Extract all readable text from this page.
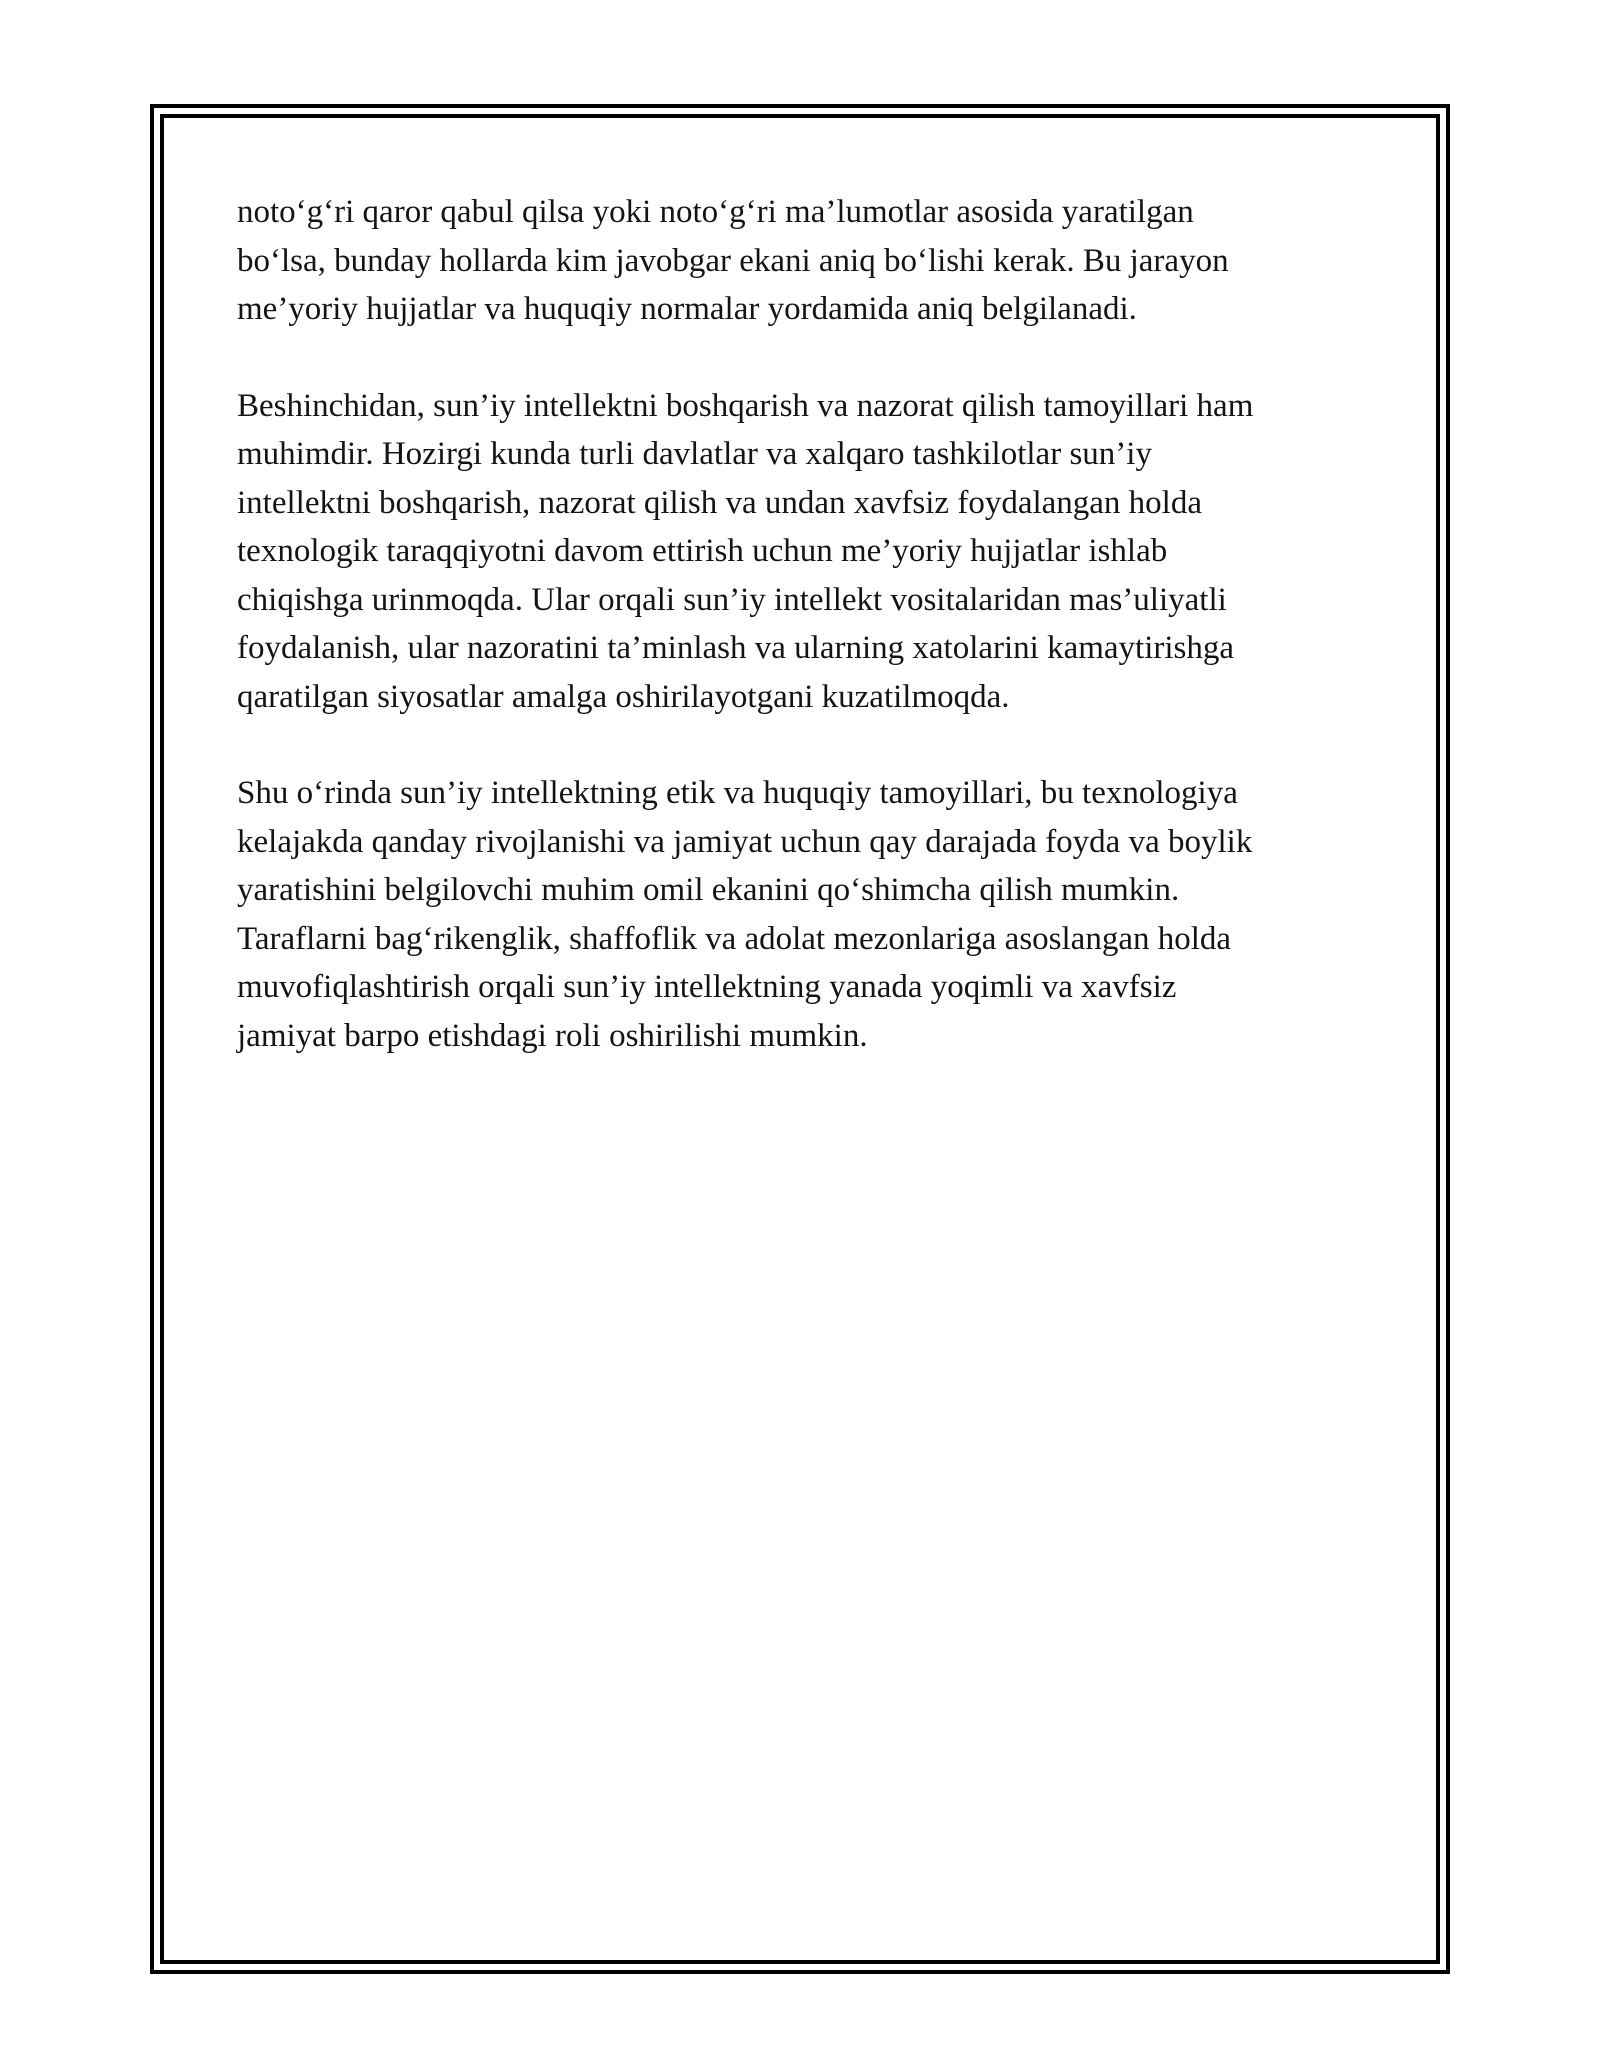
noto‘g‘ri qaror qabul qilsa yoki noto‘g‘ri ma’lumotlar asosida yaratilgan
bo‘lsa, bunday hollarda kim javobgar ekani aniq bo‘lishi kerak. Bu jarayon
me’yoriy hujjatlar va huquqiy normalar yordamida aniq belgilanadi.

Beshinchidan, sun’iy intellektni boshqarish va nazorat qilish tamoyillari ham
muhimdir. Hozirgi kunda turli davlatlar va xalqaro tashkilotlar sun’iy
intellektni boshqarish, nazorat qilish va undan xavfsiz foydalangan holda
texnologik taraqqiyotni davom ettirish uchun me’yoriy hujjatlar ishlab
chiqishga urinmoqda. Ular orqali sun’iy intellekt vositalaridan mas’uliyatli
foydalanish, ular nazoratini ta’minlash va ularning xatolarini kamaytirishga
qaratilgan siyosatlar amalga oshirilayotgani kuzatilmoqda.

Shu o‘rinda sun’iy intellektning etik va huquqiy tamoyillari, bu texnologiya
kelajakda qanday rivojlanishi va jamiyat uchun qay darajada foyda va boylik
yaratishini belgilovchi muhim omil ekanini qo‘shimcha qilish mumkin.
Taraflarni bag‘rikenglik, shaffoflik va adolat mezonlariga asoslangan holda
muvofiqlashtirish orqali sun’iy intellektning yanada yoqimli va xavfsiz
jamiyat barpo etishdagi roli oshirilishi mumkin.
